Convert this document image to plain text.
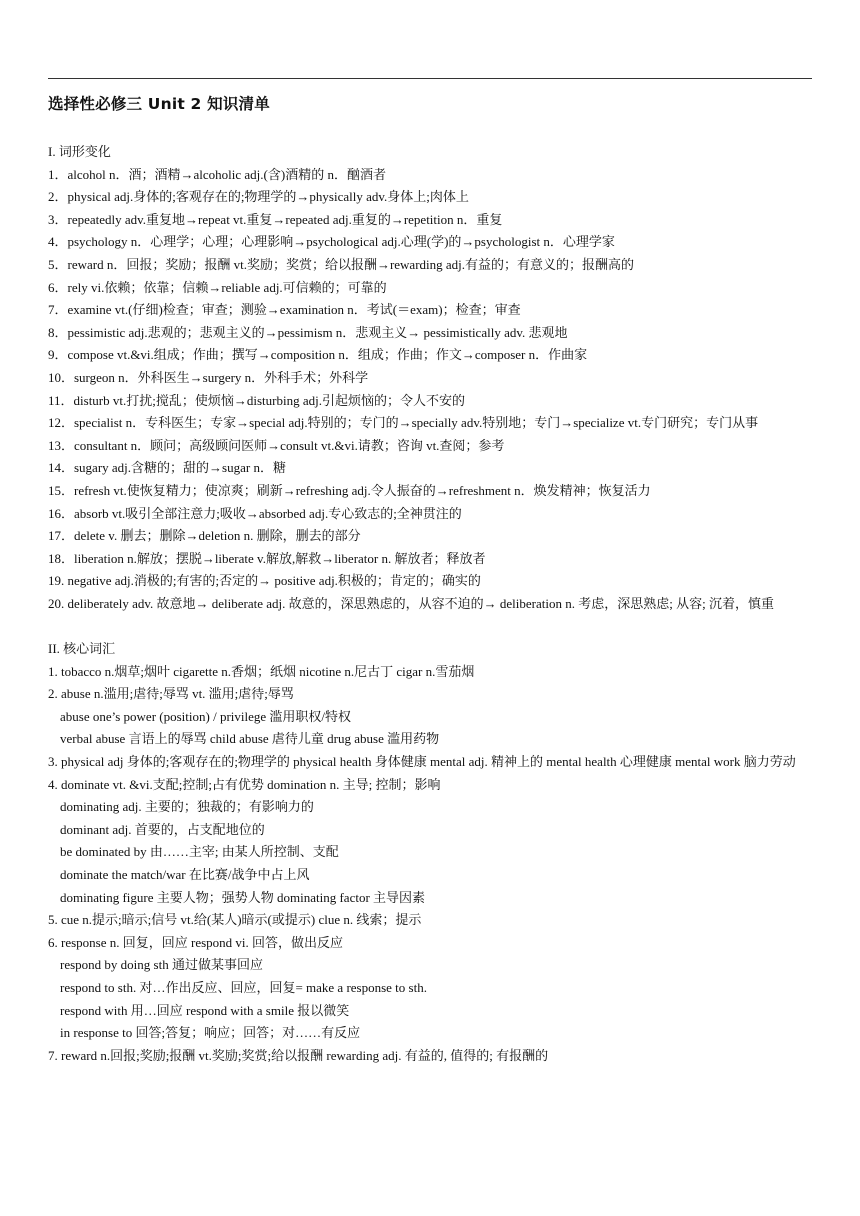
选择性必修三 Unit 2 知识清单

I. 词形变化

1．alcohol n．酒；酒精→alcoholic adj.(含)酒精的 n．酗酒者

2．physical adj.身体的;客观存在的;物理学的→physically adv.身体上;肉体上

3．repeatedly adv.重复地→repeat vt.重复→repeated adj.重复的→repetition n．重复

4．psychology n．心理学；心理；心理影响→psychological adj.心理(学)的→psychologist n．心理学家

5．reward n．回报；奖励；报酬 vt.奖励；奖赏；给以报酬→rewarding adj.有益的；有意义的；报酬高的

6．rely vi.依赖；依靠；信赖→reliable adj.可信赖的；可靠的

7．examine vt.(仔细)检查；审查；测验→examination n．考试(＝exam)；检查；审查

8．pessimistic adj.悲观的；悲观主义的→pessimism n．悲观主义→ pessimistically adv. 悲观地

9．compose vt.&vi.组成；作曲；撰写→composition n．组成；作曲；作文→composer n．作曲家

10．surgeon n．外科医生→surgery n．外科手术；外科学

11．disturb vt.打扰;搅乱；使烦恼→disturbing adj.引起烦恼的；令人不安的

12．specialist n．专科医生；专家→special adj.特别的；专门的→specially adv.特别地；专门→specialize vt.专门研究；专门从事

13．consultant n．顾问；高级顾问医师→consult vt.&vi.请教；咨询 vt.查阅；参考

14．sugary adj.含糖的；甜的→sugar n．糖

15．refresh vt.使恢复精力；使凉爽；刷新→refreshing adj.令人振奋的→refreshment n．焕发精神；恢复活力

16．absorb vt.吸引全部注意力;吸收→absorbed adj.专心致志的;全神贯注的

17．delete v. 删去；删除→deletion n. 删除，删去的部分

18．liberation n.解放；摆脱→liberate v.解放,解救→liberator n. 解放者；释放者

19. negative adj.消极的;有害的;否定的→ positive adj.积极的；肯定的；确实的

20. deliberately adv. 故意地→ deliberate adj. 故意的，深思熟虑的，从容不迫的→ deliberation n. 考虑，深思熟虑; 从容; 沉着，慎重

II. 核心词汇

1. tobacco n.烟草;烟叶 cigarette n.香烟；纸烟 nicotine n.尼古丁 cigar n.雪茄烟

2. abuse n.滥用;虐待;辱骂 vt. 滥用;虐待;辱骂

abuse one’s power (position) / privilege 滥用职权/特权

verbal abuse 言语上的辱骂 child abuse 虐待儿童 drug abuse 滥用药物

3. physical adj 身体的;客观存在的;物理学的 physical health 身体健康 mental adj. 精神上的 mental health 心理健康 mental work 脑力劳动

4. dominate vt. &vi.支配;控制;占有优势 domination n. 主导; 控制；影响

dominating adj. 主要的；独裁的；有影响力的

dominant adj. 首要的，占支配地位的

be dominated by 由……主宰; 由某人所控制、支配

dominate the match/war 在比赛/战争中占上风

dominating figure 主要人物；强势人物 dominating factor 主导因素

5. cue n.提示;暗示;信号 vt.给(某人)暗示(或提示) clue n. 线索；提示

6. response n. 回复，回应 respond vi. 回答，做出反应

respond by doing sth 通过做某事回应

respond to sth. 对…作出反应、回应，回复= make a response to sth.

respond with 用…回应 respond with a smile 报以微笑

in response to 回答;答复；响应；回答；对……有反应

7. reward n.回报;奖励;报酬 vt.奖励;奖赏;给以报酬 rewarding adj. 有益的, 值得的; 有报酬的
